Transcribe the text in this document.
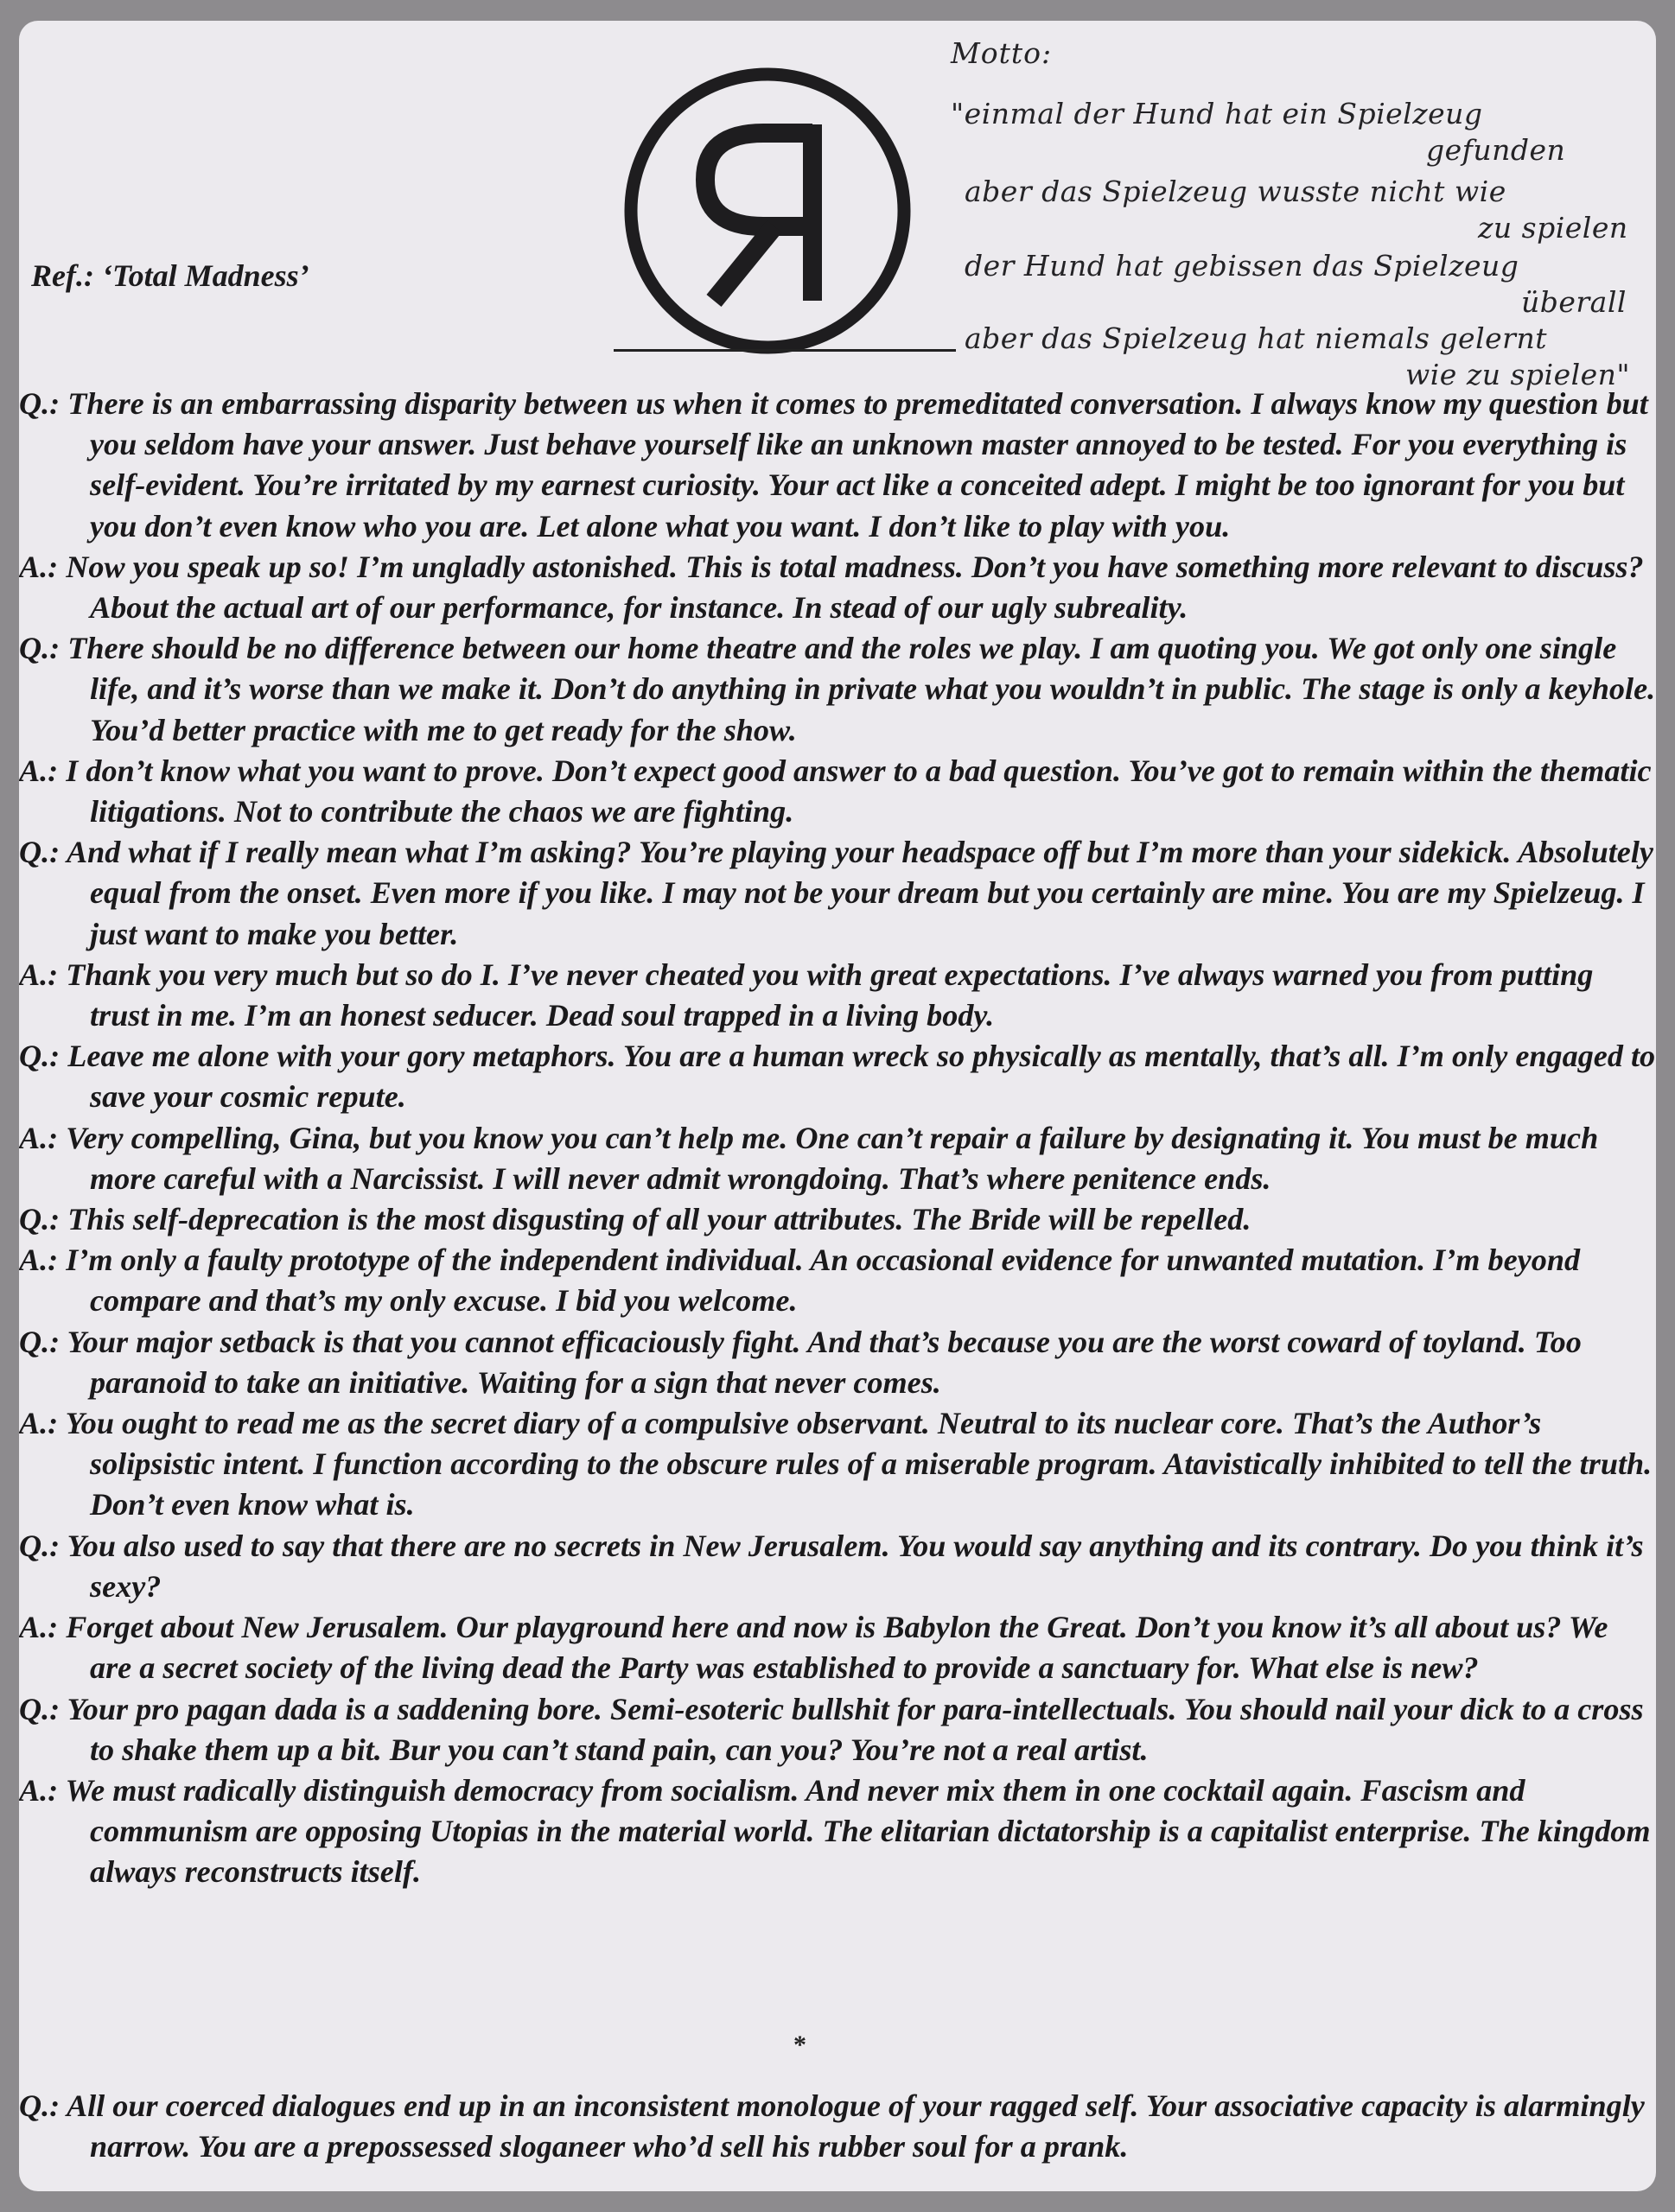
Ref.: ‘Total Madness’
Motto:
"einmal der Hund hat ein Spielzeug
gefunden
aber das Spielzeug wusste nicht wie
zu spielen
der Hund hat gebissen das Spielzeug
überall
aber das Spielzeug hat niemals gelernt
wie zu spielen"

Q.: There is an embarrassing disparity between us when it comes to premeditated conversation. I always know my question but you seldom have your answer. Just behave yourself like an unknown master annoyed to be tested. For you everything is self-evident. You’re irritated by my earnest curiosity. Your act like a conceited adept. I might be too ignorant for you but you don’t even know who you are. Let alone what you want. I don’t like to play with you.

A.: Now you speak up so! I’m ungladly astonished. This is total madness. Don’t you have something more relevant to discuss? About the actual art of our performance, for instance. In stead of our ugly subreality.

Q.: There should be no difference between our home theatre and the roles we play. I am quoting you. We got only one single life, and it’s worse than we make it. Don’t do anything in private what you wouldn’t in public. The stage is only a keyhole. You’d better practice with me to get ready for the show.

A.: I don’t know what you want to prove. Don’t expect good answer to a bad question. You’ve got to remain within the thematic litigations. Not to contribute the chaos we are fighting.

Q.: And what if I really mean what I’m asking? You’re playing your headspace off but I’m more than your sidekick. Absolutely equal from the onset. Even more if you like. I may not be your dream but you certainly are mine. You are my Spielzeug. I just want to make you better.

A.: Thank you very much but so do I. I’ve never cheated you with great expectations. I’ve always warned you from putting trust in me. I’m an honest seducer. Dead soul trapped in a living body.

Q.: Leave me alone with your gory metaphors. You are a human wreck so physically as mentally, that’s all. I’m only engaged to save your cosmic repute.

A.: Very compelling, Gina, but you know you can’t help me. One can’t repair a failure by designating it. You must be much more careful with a Narcissist. I will never admit wrongdoing. That’s where penitence ends.

Q.: This self-deprecation is the most disgusting of all your attributes. The Bride will be repelled.

A.: I’m only a faulty prototype of the independent individual. An occasional evidence for unwanted mutation. I’m beyond compare and that’s my only excuse. I bid you welcome.

Q.: Your major setback is that you cannot efficaciously fight. And that’s because you are the worst coward of toyland. Too paranoid to take an initiative. Waiting for a sign that never comes.

A.: You ought to read me as the secret diary of a compulsive observant. Neutral to its nuclear core. That’s the Author’s solipsistic intent. I function according to the obscure rules of a miserable program. Atavistically inhibited to tell the truth. Don’t even know what is.

Q.: You also used to say that there are no secrets in New Jerusalem. You would say anything and its contrary. Do you think it’s sexy?

A.: Forget about New Jerusalem. Our playground here and now is Babylon the Great. Don’t you know it’s all about us? We are a secret society of the living dead the Party was established to provide a sanctuary for. What else is new?

Q.: Your pro pagan dada is a saddening bore. Semi-esoteric bullshit for para-intellectuals. You should nail your dick to a cross to shake them up a bit. Bur you can’t stand pain, can you? You’re not a real artist.

A.: We must radically distinguish democracy from socialism. And never mix them in one cocktail again. Fascism and communism are opposing Utopias in the material world. The elitarian dictatorship is a capitalist enterprise. The kingdom always reconstructs itself.

*

Q.: All our coerced dialogues end up in an inconsistent monologue of your ragged self. Your associative capacity is alarmingly narrow. You are a prepossessed sloganeer who’d sell his rubber soul for a prank.
